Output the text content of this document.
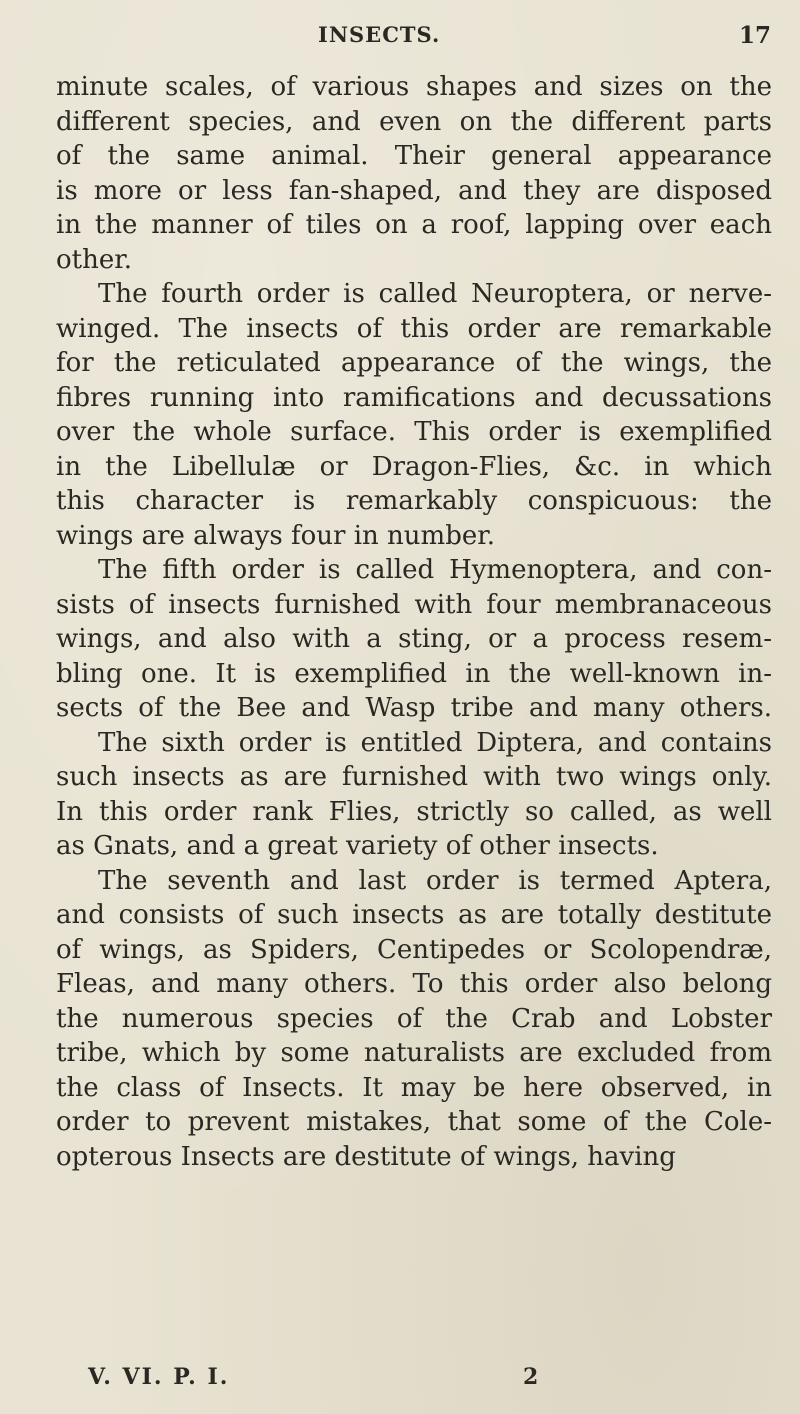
INSECTS.	17
minute scales, of various shapes and sizes on the
different species, and even on the different parts
of the same animal. Their general appearance
is more or less fan-shaped, and they are disposed
in the manner of tiles on a roof, lapping over each
other.
The fourth order is called Neuroptera, or nerve-
winged. The insects of this order are remarkable
for the reticulated appearance of the wings, the
fibres running into ramifications and decussations
over the whole surface. This order is exemplified
in the Libellulæ or Dragon-Flies, &c. in which
this character is remarkably conspicuous: the
wings are always four in number.
The fifth order is called Hymenoptera, and con-
sists of insects furnished with four membranaceous
wings, and also with a sting, or a process resem-
bling one. It is exemplified in the well-known in-
sects of the Bee and Wasp tribe and many others.
The sixth order is entitled Diptera, and contains
such insects as are furnished with two wings only.
In this order rank Flies, strictly so called, as well
as Gnats, and a great variety of other insects.
The seventh and last order is termed Aptera,
and consists of such insects as are totally destitute
of wings, as Spiders, Centipedes or Scolopendræ,
Fleas, and many others. To this order also belong
the numerous species of the Crab and Lobster
tribe, which by some naturalists are excluded from
the class of Insects. It may be here observed, in
order to prevent mistakes, that some of the Cole-
opterous Insects are destitute of wings, having
V. VI. P. I.	2
